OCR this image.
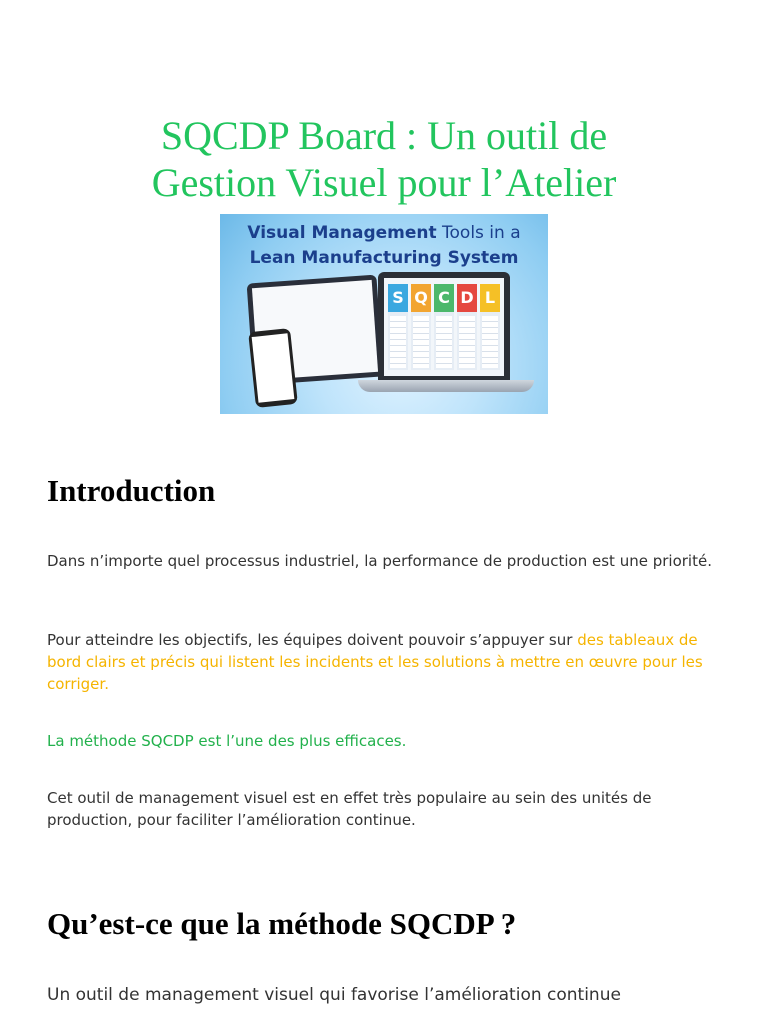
SQCDP Board : Un outil de
Gestion Visuel pour l’Atelier

Visual Management Tools in a

Lean Manufacturing System

S Q C D L
Introduction

Dans n’importe quel processus industriel, la performance de production est une priorité.

Pour atteindre les objectifs, les équipes doivent pouvoir s’appuyer sur des tableaux de bord clairs et précis qui listent les incidents et les solutions à mettre en œuvre pour les corriger.

La méthode SQCDP est l’une des plus efficaces.

Cet outil de management visuel est en effet très populaire au sein des unités de production, pour faciliter l’amélioration continue.

Qu’est-ce que la méthode SQCDP ?

Un outil de management visuel qui favorise l’amélioration continue
